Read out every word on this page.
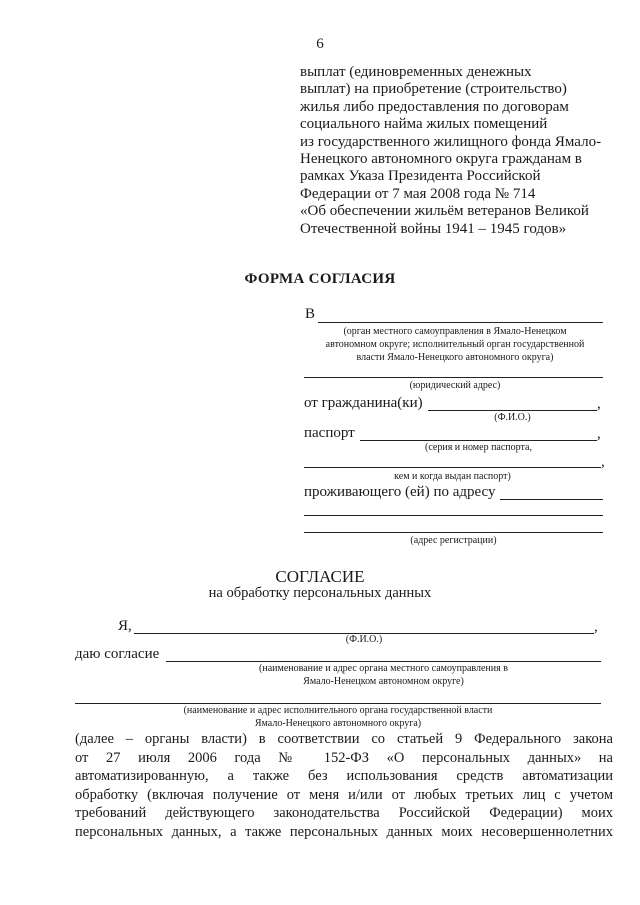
6
выплат (единовременных денежных
выплат) на приобретение (строительство)
жилья либо предоставления по договорам
социального найма жилых помещений
из государственного жилищного фонда Ямало-
Ненецкого автономного округа гражданам в
рамках Указа Президента Российской
Федерации от 7 мая 2008 года № 714
«Об обеспечении жильём ветеранов Великой
Отечественной войны 1941 – 1945 годов»
ФОРМА СОГЛАСИЯ
В
(орган местного самоуправления в Ямало-Ненецком
автономном округе; исполнительный орган государственной
власти Ямало-Ненецкого автономного округа)
(юридический адрес)
от гражданина(ки)	,
(Ф.И.О.)
паспорт	,
(серия и номер паспорта,
,
кем и когда выдан паспорт)
проживающего (ей) по адресу
(адрес регистрации)
СОГЛАСИЕ
на обработку персональных данных
Я,	,
(Ф.И.О.)
даю согласие
(наименование и адрес органа местного самоуправления в
Ямало-Ненецком автономном округе)
(наименование и адрес исполнительного органа государственной власти
Ямало-Ненецкого автономного округа)
(далее – органы власти) в соответствии со статьей 9 Федерального закона
от 27 июля 2006 года № 152-ФЗ «О персональных данных» на
автоматизированную, а также без использования средств автоматизации
обработку (включая получение от меня и/или от любых третьих лиц с учетом
требований действующего законодательства Российской Федерации) моих
персональных данных, а также персональных данных моих несовершеннолетних
